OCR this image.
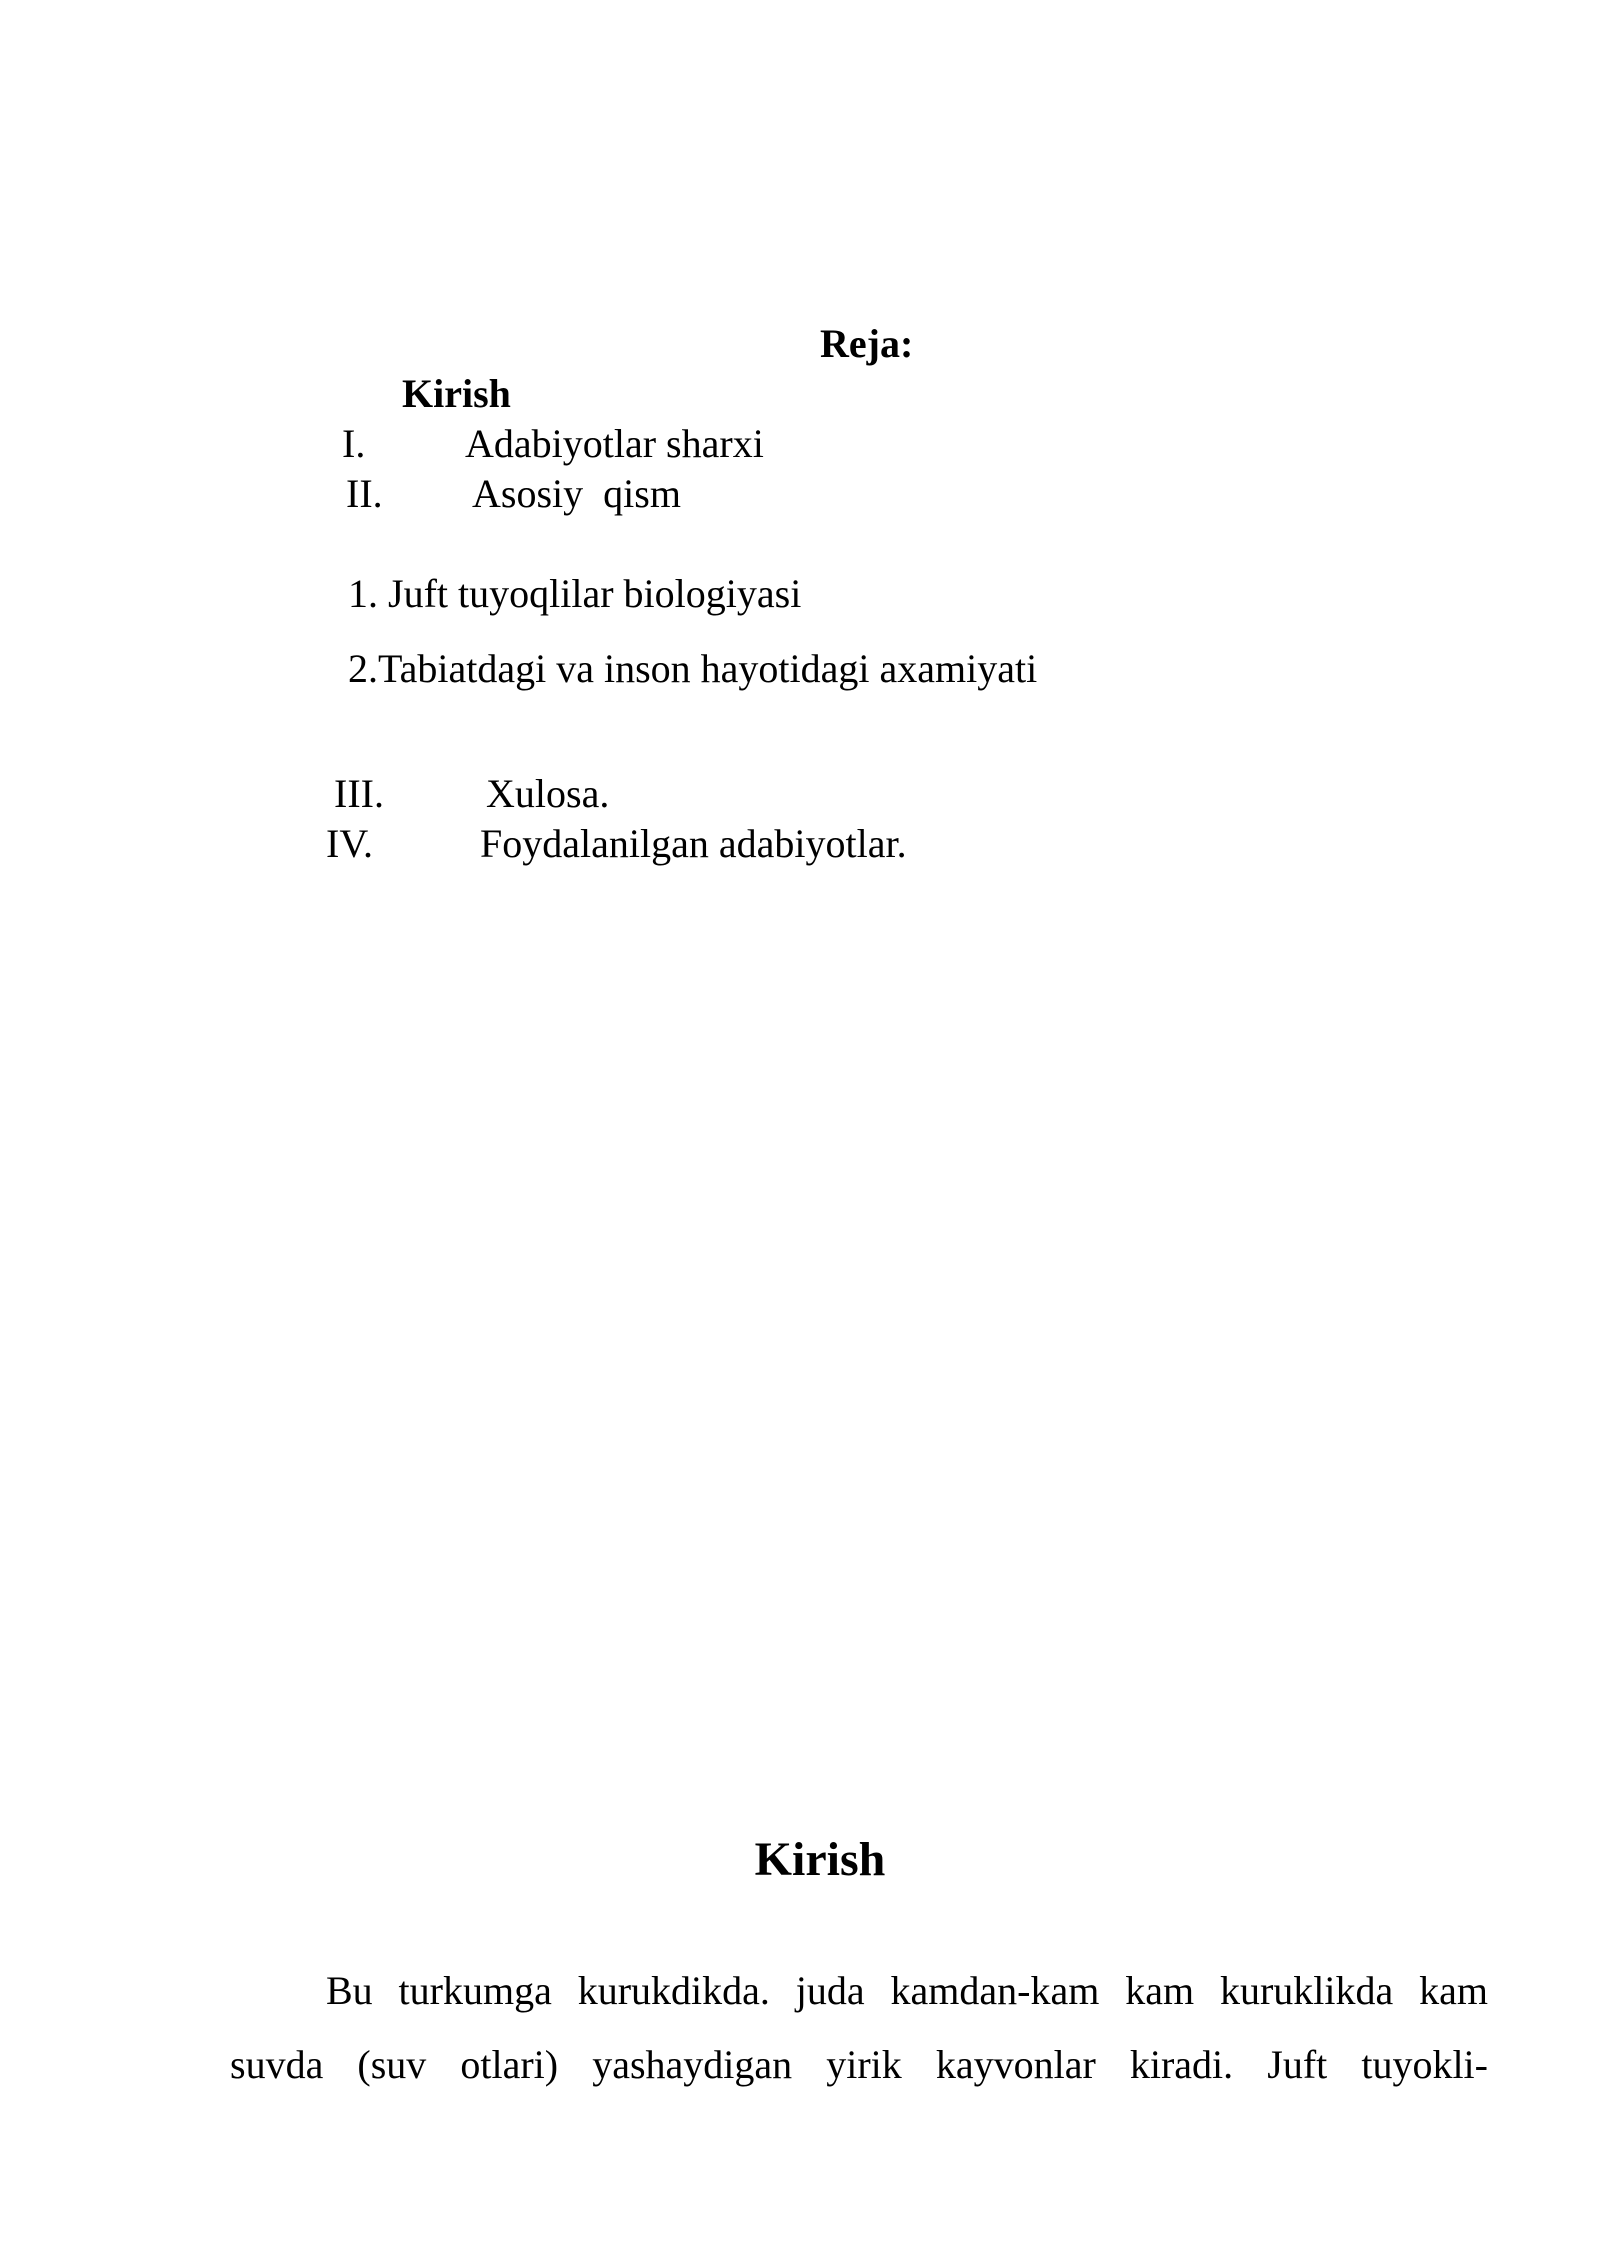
Reja:
Kirish
I. Adabiyotlar sharxi
II. Asosiy  qism
1. Juft tuyoqlilar biologiyasi
2.Tabiatdagi va inson hayotidagi axamiyati
III.	Xulosa.
IV.	Foydalanilgan adabiyotlar.
Kirish
Bu turkumga kurukdikda. juda kamdan-kam kam kuruklikda kam
suvda (suv otlari) yashaydigan yirik kayvonlar kiradi. Juft tuyokli-
